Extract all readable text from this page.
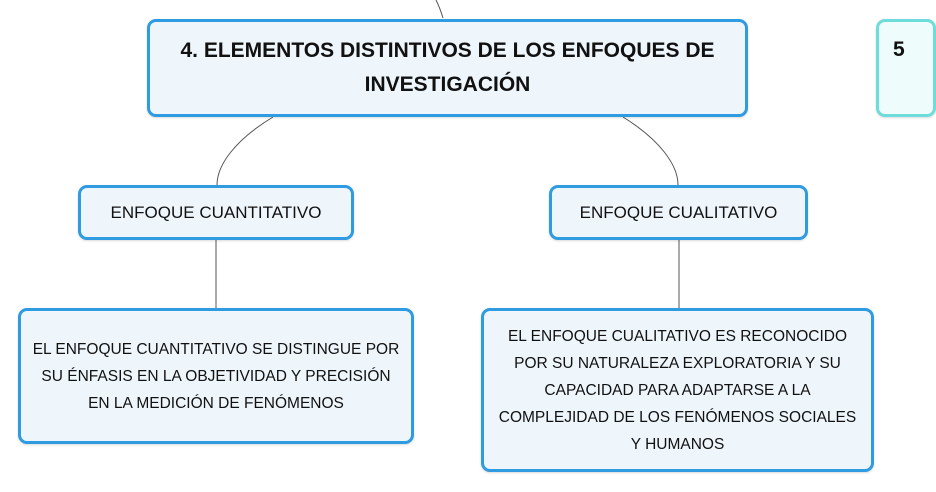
4. ELEMENTOS DISTINTIVOS DE LOS ENFOQUES DE INVESTIGACIÓN
5
ENFOQUE CUANTITATIVO	ENFOQUE CUALITATIVO
EL ENFOQUE CUANTITATIVO SE DISTINGUE POR SU ÉNFASIS EN LA OBJETIVIDAD Y PRECISIÓN EN LA MEDICIÓN DE FENÓMENOS
EL ENFOQUE CUALITATIVO ES RECONOCIDO POR SU NATURALEZA EXPLORATORIA Y SU CAPACIDAD PARA ADAPTARSE A LA COMPLEJIDAD DE LOS FENÓMENOS SOCIALES Y HUMANOS
